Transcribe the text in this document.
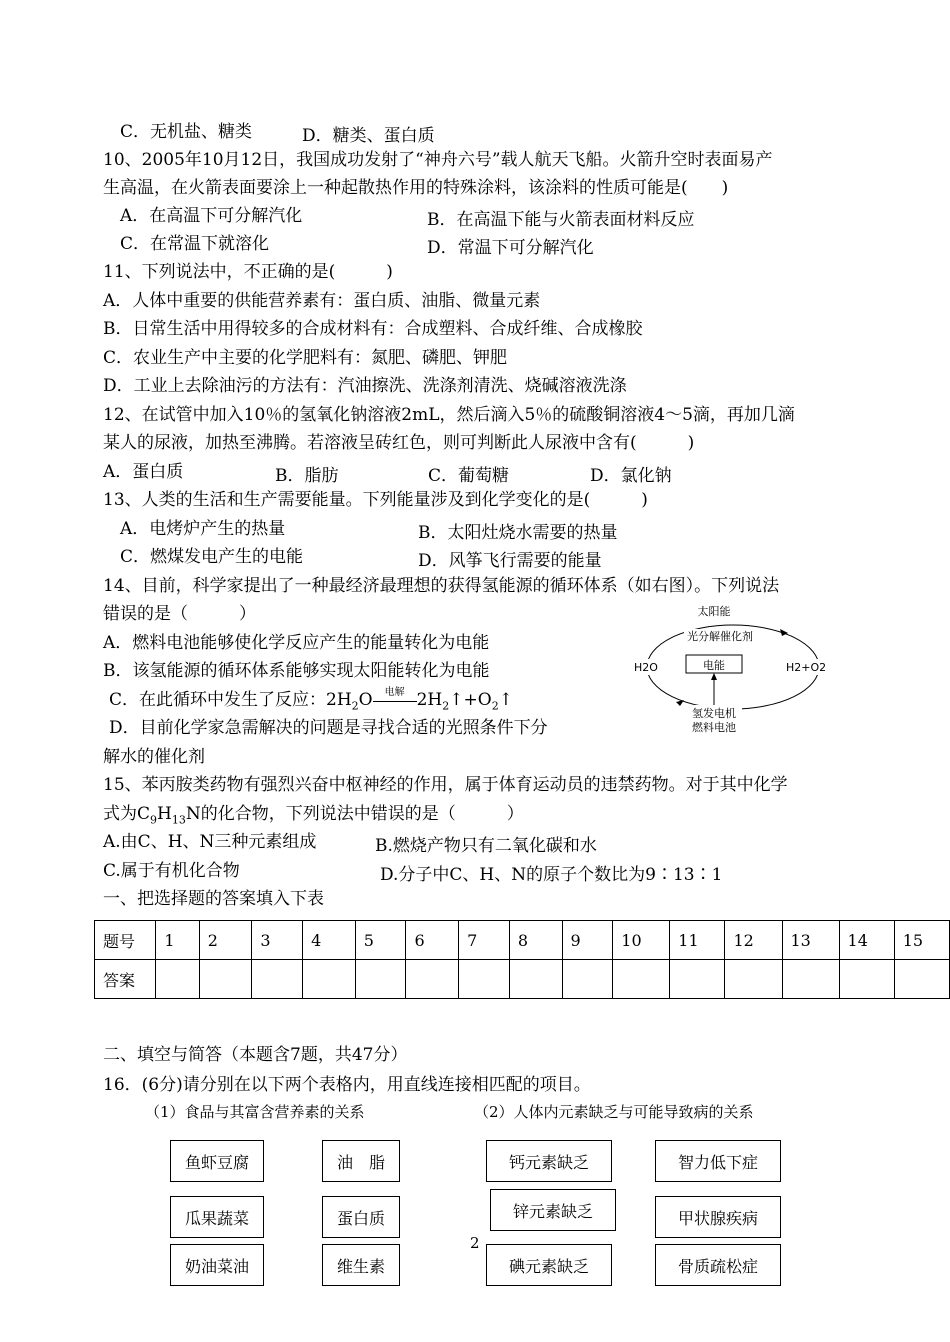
C．无机盐、糖类	D．糖类、蛋白质
10、2005年10月12日，我国成功发射了“神舟六号”载人航天飞船。火箭升空时表面易产
生高温，在火箭表面要涂上一种起散热作用的特殊涂料，该涂料的性质可能是(　　)
A．在高温下可分解汽化	B．在高温下能与火箭表面材料反应
C．在常温下就溶化	D．常温下可分解汽化
11、下列说法中，不正确的是(　　　)
A．人体中重要的供能营养素有：蛋白质、油脂、微量元素
B．日常生活中用得较多的合成材料有：合成塑料、合成纤维、合成橡胶
C．农业生产中主要的化学肥料有：氮肥、磷肥、钾肥
D．工业上去除油污的方法有：汽油擦洗、洗涤剂清洗、烧碱溶液洗涤
12、在试管中加入10％的氢氧化钠溶液2mL，然后滴入5％的硫酸铜溶液4～5滴，再加几滴
某人的尿液，加热至沸腾。若溶液呈砖红色，则可判断此人尿液中含有(　　　)
A．蛋白质	B．脂肪	C．葡萄糖	D．氯化钠
13、人类的生活和生产需要能量。下列能量涉及到化学变化的是(　　　)
A．电烤炉产生的热量	B．太阳灶烧水需要的热量
C．燃煤发电产生的电能	D．风筝飞行需要的能量
14、目前，科学家提出了一种最经济最理想的获得氢能源的循环体系（如右图）。下列说法
错误的是（　　　）
A．燃料电池能够使化学反应产生的能量转化为电能
B．该氢能源的循环体系能够实现太阳能转化为电能
C．在此循环中发生了反应：$2H_2O$	电解 $2H_2↑+O_2↑$
D．目前化学家急需解决的问题是寻找合适的光照条件下分
解水的催化剂
太阳能
光分解催化剂
H2O	电能	H2+O2
氢发电机
燃料电池
15、苯丙胺类药物有强烈兴奋中枢神经的作用，属于体育运动员的违禁药物。对于其中化学
式为$C_9H_{13}N$的化合物，下列说法中错误的是（　　　）
A.由C、H、N三种元素组成	B.燃烧产物只有二氧化碳和水
C.属于有机化合物	D.分子中C、H、N的原子个数比为9∶13∶1
一、把选择题的答案填入下表
题号	1	2	3	4	5	6	7	8	9	10	11	12	13	14	15
答案															
二、填空与简答（本题含7题，共47分）
16．(6分)请分别在以下两个表格内，用直线连接相匹配的项目。
（1）食品与其富含营养素的关系	（2）人体内元素缺乏与可能导致病的关系
鱼虾豆腐
瓜果蔬菜
奶油菜油
油　脂
蛋白质
维生素
钙元素缺乏
锌元素缺乏
碘元素缺乏
智力低下症
甲状腺疾病
骨质疏松症
2
